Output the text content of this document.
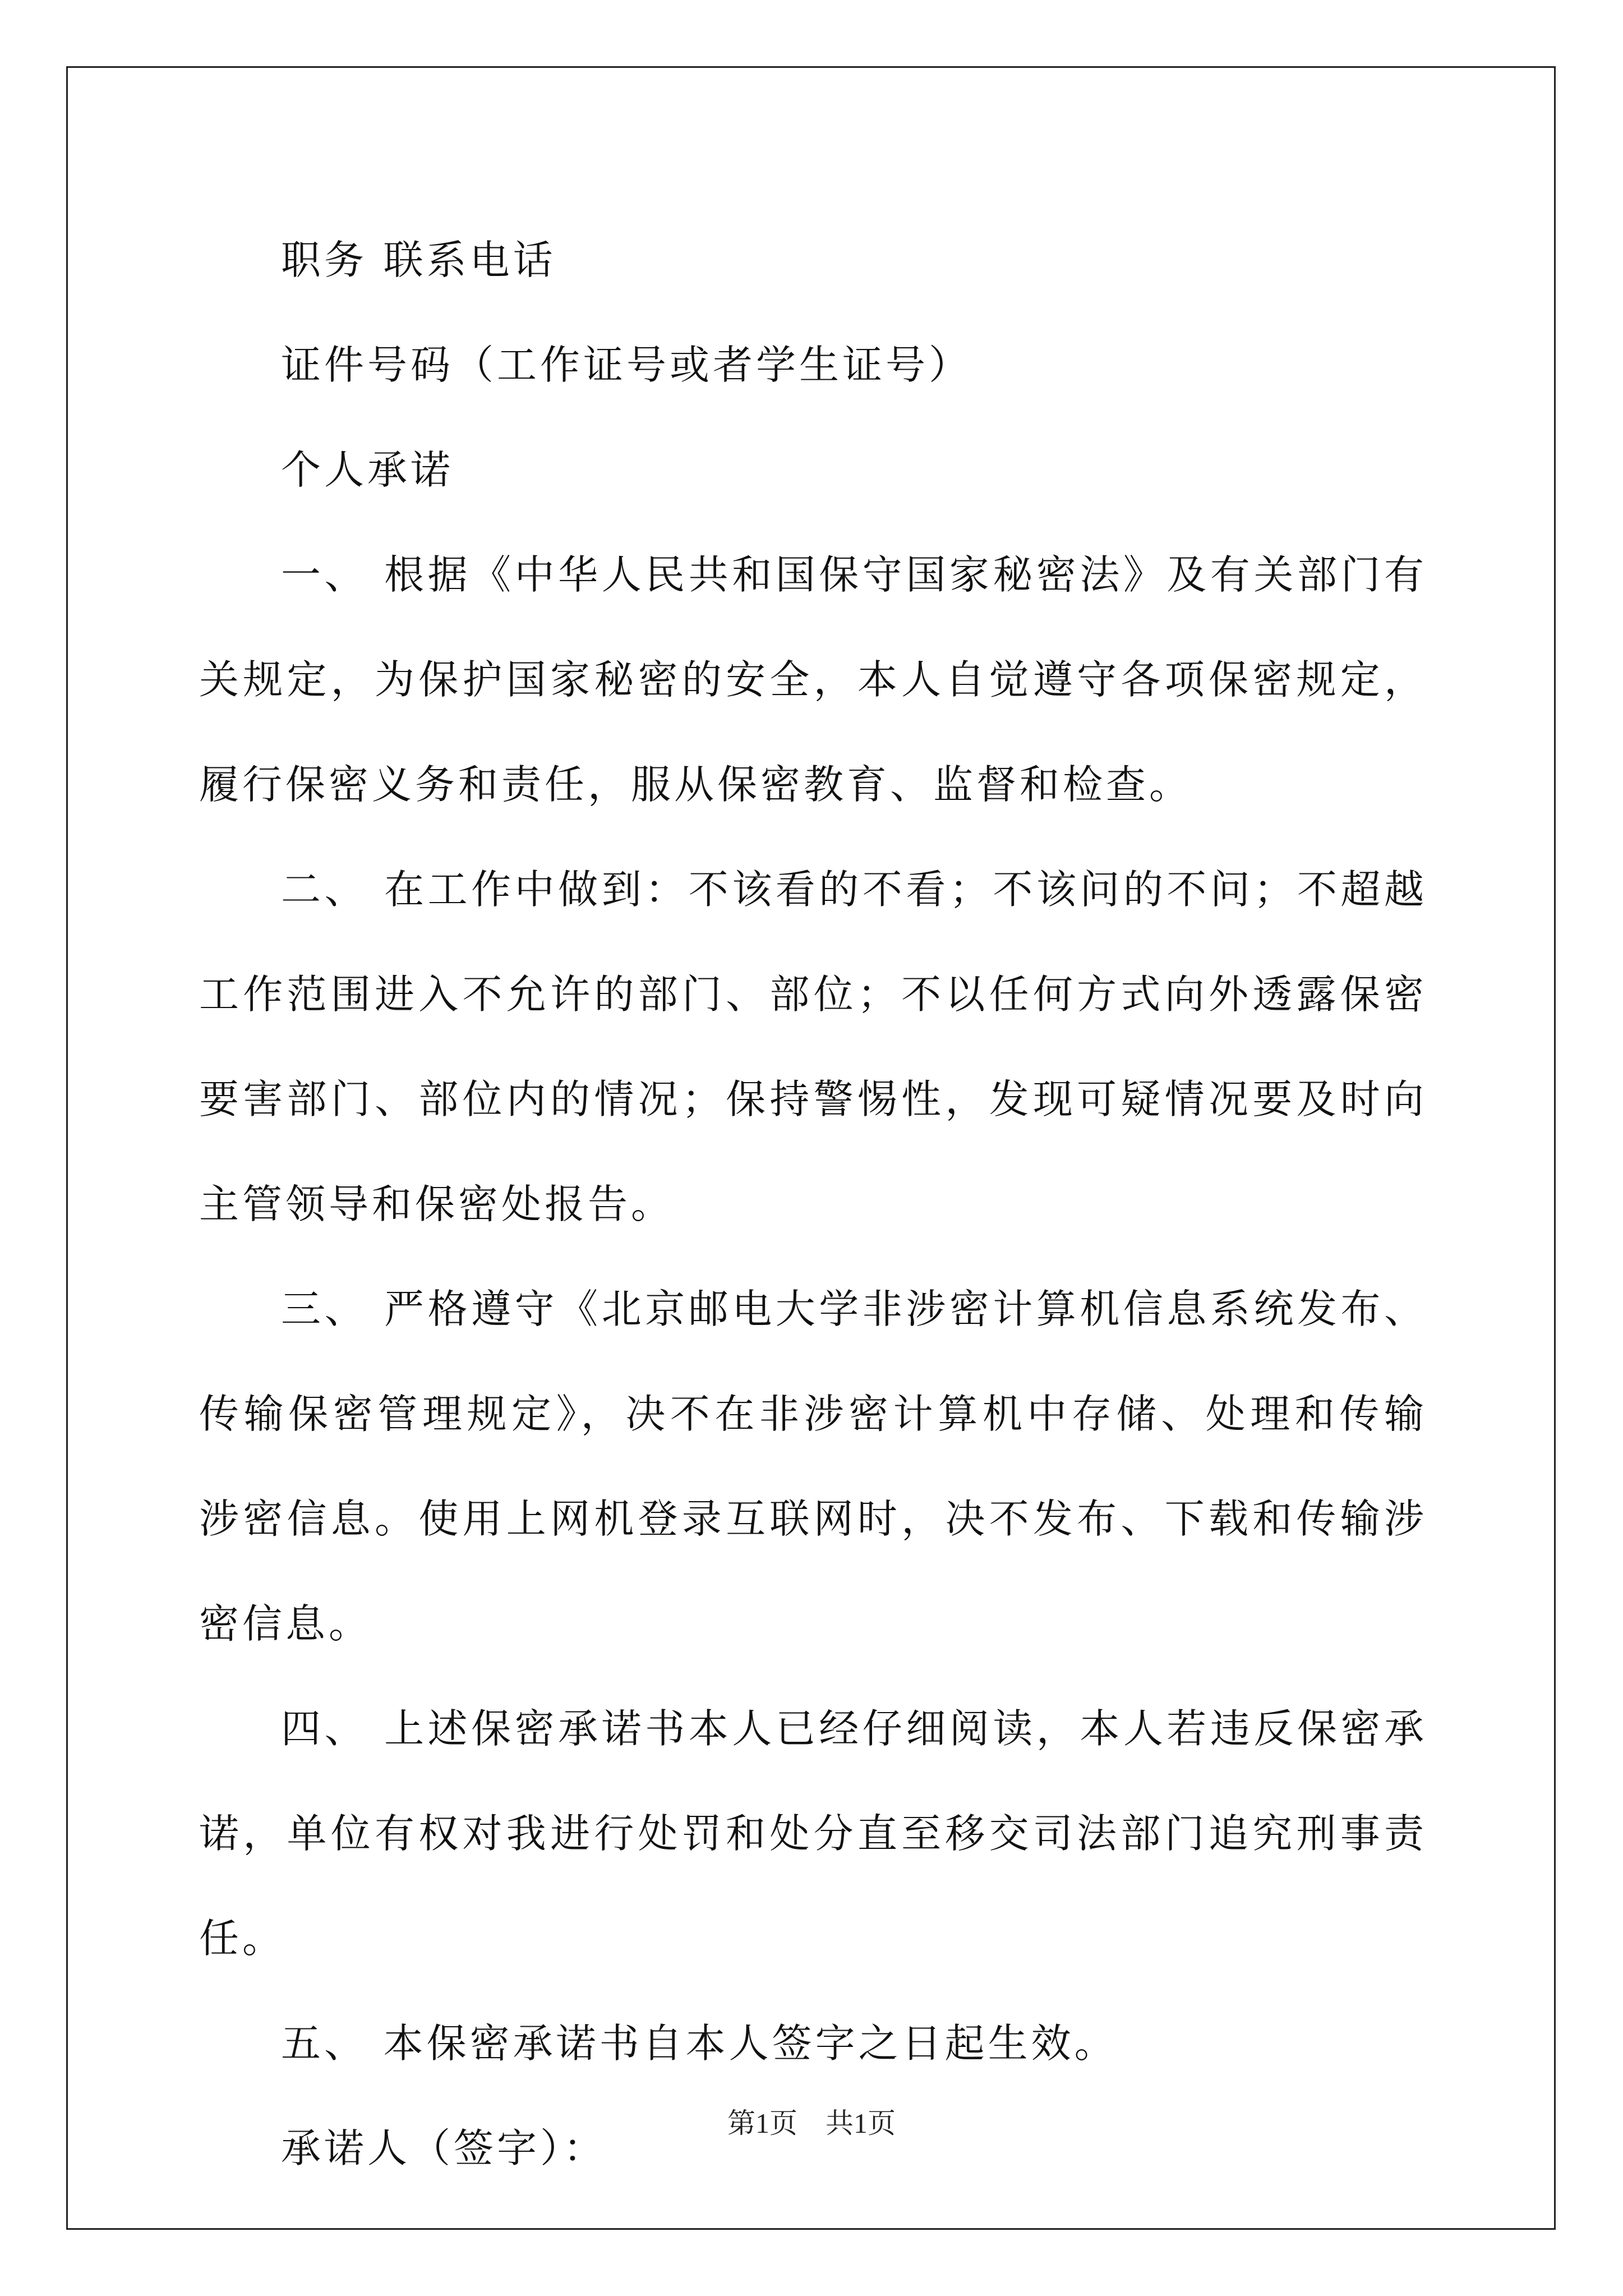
职务 联系电话

证件号码（工作证号或者学生证号）

个人承诺

一、 根据《中华人民共和国保守国家秘密法》及有关部门有关规定，为保护国家秘密的安全，本人自觉遵守各项保密规定，履行保密义务和责任，服从保密教育、监督和检查。

二、 在工作中做到：不该看的不看；不该问的不问；不超越工作范围进入不允许的部门、部位；不以任何方式向外透露保密要害部门、部位内的情况；保持警惕性，发现可疑情况要及时向主管领导和保密处报告。

三、 严格遵守《北京邮电大学非涉密计算机信息系统发布、传输保密管理规定》，决不在非涉密计算机中存储、处理和传输涉密信息。使用上网机登录互联网时，决不发布、下载和传输涉密信息。

四、 上述保密承诺书本人已经仔细阅读，本人若违反保密承诺，单位有权对我进行处罚和处分直至移交司法部门追究刑事责任。

五、 本保密承诺书自本人签字之日起生效。

承诺人（签字）：

第1页　共1页
